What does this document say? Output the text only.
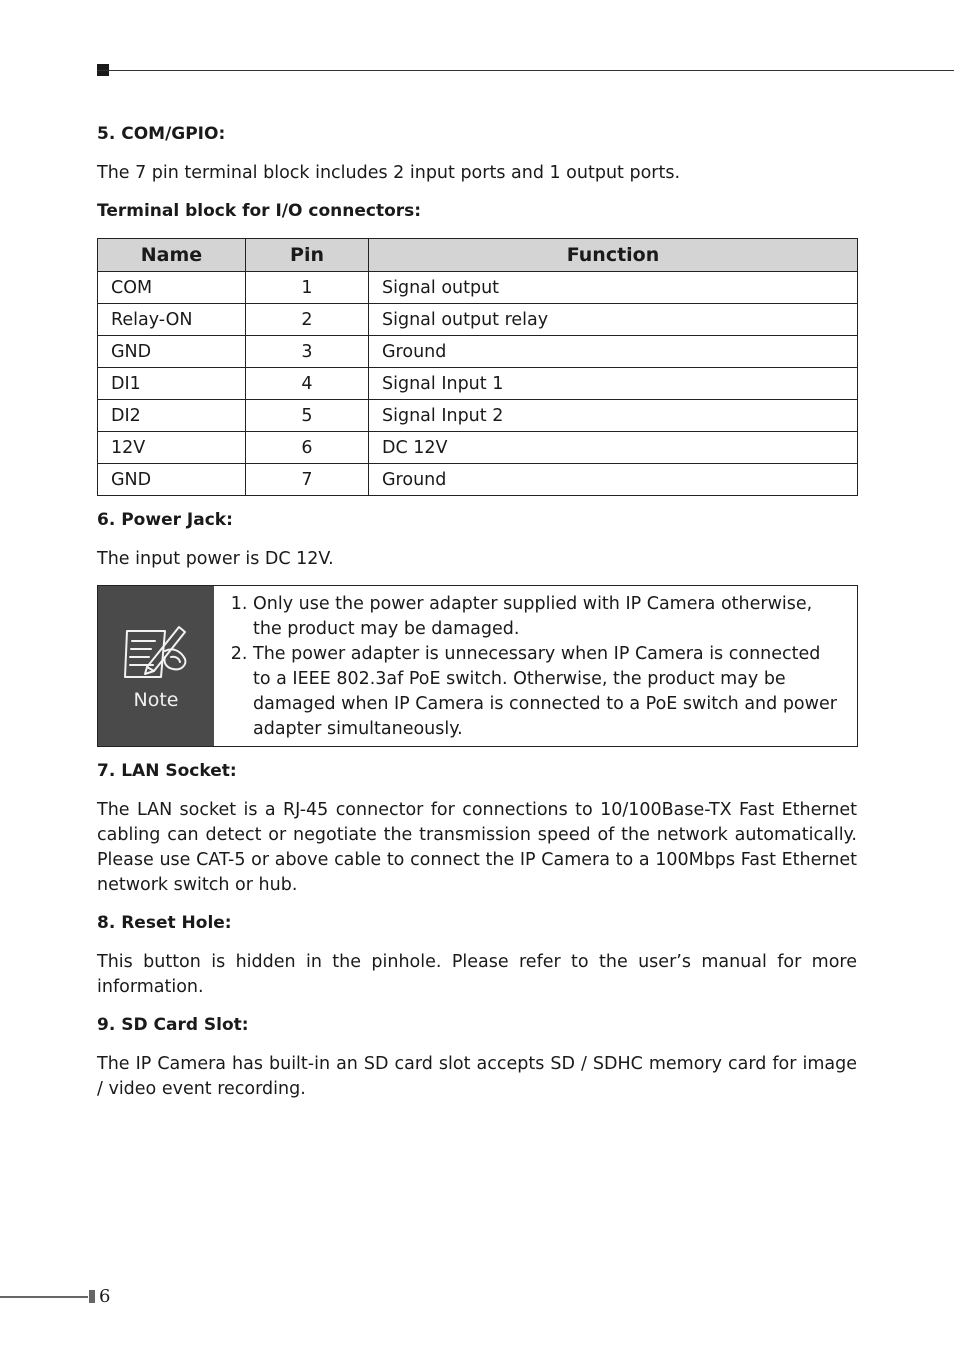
5. COM/GPIO:

The 7 pin terminal block includes 2 input ports and 1 output ports.

Terminal block for I/O connectors:
Name	Pin	Function
COM	1	Signal output
Relay-ON	2	Signal output relay
GND	3	Ground
DI1	4	Signal Input 1
DI2	5	Signal Input 2
12V	6	DC 12V
GND	7	Ground
6. Power Jack:

The input power is DC 12V.

Note
1. Only use the power adapter supplied with IP Camera otherwise, the product may be damaged.
2. The power adapter is unnecessary when IP Camera is connected to a IEEE 802.3af PoE switch. Otherwise, the product may be damaged when IP Camera is connected to a PoE switch and power adapter simultaneously.
7. LAN Socket:

The LAN socket is a RJ-45 connector for connections to 10/100Base-TX Fast Ethernet cabling can detect or negotiate the transmission speed of the network automatically. Please use CAT-5 or above cable to connect the IP Camera to a 100Mbps Fast Ethernet network switch or hub.

8. Reset Hole:

This button is hidden in the pinhole. Please refer to the user’s manual for more information.

9. SD Card Slot:

The IP Camera has built-in an SD card slot accepts SD / SDHC memory card for image / video event recording.

6
